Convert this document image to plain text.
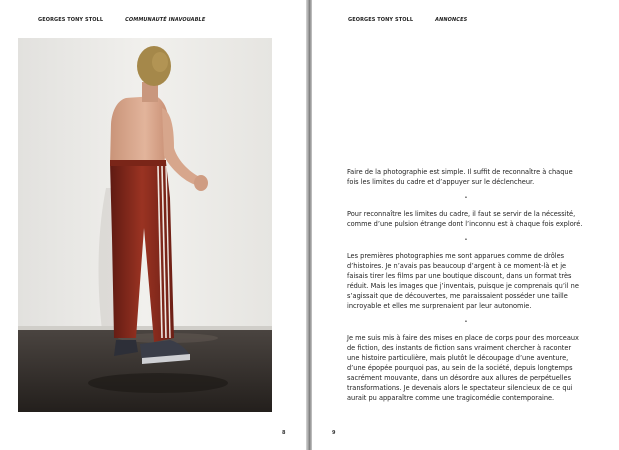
GEORGES TONY STOLL	COMMUNAUTÉ INAVOUABLE
8
GEORGES TONY STOLL	ANNONCES

Faire de la photographie est simple. Il suffit de reconnaître à chaque fois les limites du cadre et d’appuyer sur le déclencheur.

•

Pour reconnaître les limites du cadre, il faut se servir de la nécessité, comme d’une pulsion étrange dont l’inconnu est à chaque fois exploré.

•

Les premières photographies me sont apparues comme de drôles d’histoires. Je n’avais pas beaucoup d’argent à ce moment-là et je faisais tirer les films par une boutique discount, dans un format très réduit. Mais les images que j’inventais, puisque je comprenais qu’il ne s’agissait que de découvertes, me paraissaient posséder une taille incroyable et elles me surprenaient par leur autonomie.

•

Je me suis mis à faire des mises en place de corps pour des morceaux de fiction, des instants de fiction sans vraiment chercher à raconter une histoire particulière, mais plutôt le découpage d’une aventure, d’une épopée pourquoi pas, au sein de la société, depuis longtemps sacrément mouvante, dans un désordre aux allures de perpétuelles transformations. Je devenais alors le spectateur silencieux de ce qui aurait pu apparaître comme une tragicomédie contemporaine.

9
